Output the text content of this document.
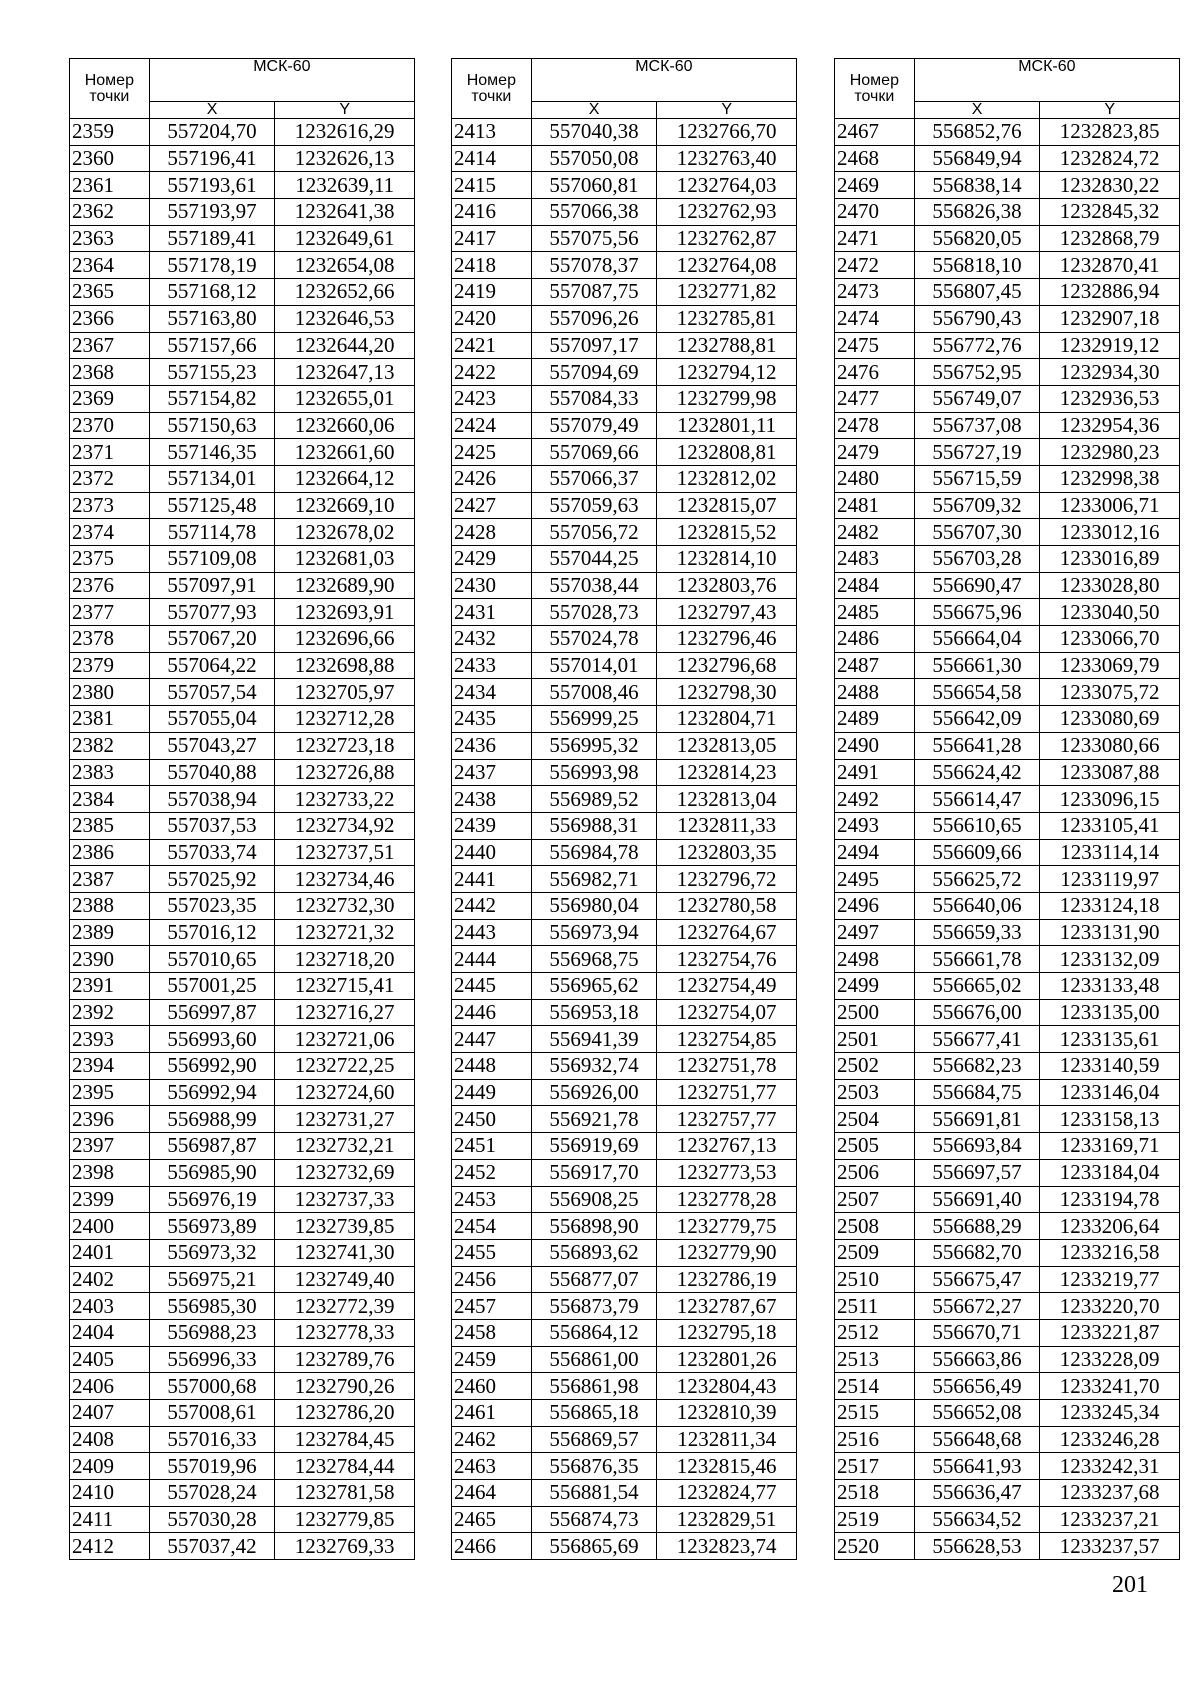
Номер точки	МСК-60	
	X	Y
2359	557204,70	1232616,29
2360	557196,41	1232626,13
2361	557193,61	1232639,11
2362	557193,97	1232641,38
2363	557189,41	1232649,61
2364	557178,19	1232654,08
2365	557168,12	1232652,66
2366	557163,80	1232646,53
2367	557157,66	1232644,20
2368	557155,23	1232647,13
2369	557154,82	1232655,01
2370	557150,63	1232660,06
2371	557146,35	1232661,60
2372	557134,01	1232664,12
2373	557125,48	1232669,10
2374	557114,78	1232678,02
2375	557109,08	1232681,03
2376	557097,91	1232689,90
2377	557077,93	1232693,91
2378	557067,20	1232696,66
2379	557064,22	1232698,88
2380	557057,54	1232705,97
2381	557055,04	1232712,28
2382	557043,27	1232723,18
2383	557040,88	1232726,88
2384	557038,94	1232733,22
2385	557037,53	1232734,92
2386	557033,74	1232737,51
2387	557025,92	1232734,46
2388	557023,35	1232732,30
2389	557016,12	1232721,32
2390	557010,65	1232718,20
2391	557001,25	1232715,41
2392	556997,87	1232716,27
2393	556993,60	1232721,06
2394	556992,90	1232722,25
2395	556992,94	1232724,60
2396	556988,99	1232731,27
2397	556987,87	1232732,21
2398	556985,90	1232732,69
2399	556976,19	1232737,33
2400	556973,89	1232739,85
2401	556973,32	1232741,30
2402	556975,21	1232749,40
2403	556985,30	1232772,39
2404	556988,23	1232778,33
2405	556996,33	1232789,76
2406	557000,68	1232790,26
2407	557008,61	1232786,20
2408	557016,33	1232784,45
2409	557019,96	1232784,44
2410	557028,24	1232781,58
2411	557030,28	1232779,85
2412	557037,42	1232769,33
Номер точки	МСК-60	
	X	Y
2413	557040,38	1232766,70
2414	557050,08	1232763,40
2415	557060,81	1232764,03
2416	557066,38	1232762,93
2417	557075,56	1232762,87
2418	557078,37	1232764,08
2419	557087,75	1232771,82
2420	557096,26	1232785,81
2421	557097,17	1232788,81
2422	557094,69	1232794,12
2423	557084,33	1232799,98
2424	557079,49	1232801,11
2425	557069,66	1232808,81
2426	557066,37	1232812,02
2427	557059,63	1232815,07
2428	557056,72	1232815,52
2429	557044,25	1232814,10
2430	557038,44	1232803,76
2431	557028,73	1232797,43
2432	557024,78	1232796,46
2433	557014,01	1232796,68
2434	557008,46	1232798,30
2435	556999,25	1232804,71
2436	556995,32	1232813,05
2437	556993,98	1232814,23
2438	556989,52	1232813,04
2439	556988,31	1232811,33
2440	556984,78	1232803,35
2441	556982,71	1232796,72
2442	556980,04	1232780,58
2443	556973,94	1232764,67
2444	556968,75	1232754,76
2445	556965,62	1232754,49
2446	556953,18	1232754,07
2447	556941,39	1232754,85
2448	556932,74	1232751,78
2449	556926,00	1232751,77
2450	556921,78	1232757,77
2451	556919,69	1232767,13
2452	556917,70	1232773,53
2453	556908,25	1232778,28
2454	556898,90	1232779,75
2455	556893,62	1232779,90
2456	556877,07	1232786,19
2457	556873,79	1232787,67
2458	556864,12	1232795,18
2459	556861,00	1232801,26
2460	556861,98	1232804,43
2461	556865,18	1232810,39
2462	556869,57	1232811,34
2463	556876,35	1232815,46
2464	556881,54	1232824,77
2465	556874,73	1232829,51
2466	556865,69	1232823,74
Номер точки	МСК-60	
	X	Y
2467	556852,76	1232823,85
2468	556849,94	1232824,72
2469	556838,14	1232830,22
2470	556826,38	1232845,32
2471	556820,05	1232868,79
2472	556818,10	1232870,41
2473	556807,45	1232886,94
2474	556790,43	1232907,18
2475	556772,76	1232919,12
2476	556752,95	1232934,30
2477	556749,07	1232936,53
2478	556737,08	1232954,36
2479	556727,19	1232980,23
2480	556715,59	1232998,38
2481	556709,32	1233006,71
2482	556707,30	1233012,16
2483	556703,28	1233016,89
2484	556690,47	1233028,80
2485	556675,96	1233040,50
2486	556664,04	1233066,70
2487	556661,30	1233069,79
2488	556654,58	1233075,72
2489	556642,09	1233080,69
2490	556641,28	1233080,66
2491	556624,42	1233087,88
2492	556614,47	1233096,15
2493	556610,65	1233105,41
2494	556609,66	1233114,14
2495	556625,72	1233119,97
2496	556640,06	1233124,18
2497	556659,33	1233131,90
2498	556661,78	1233132,09
2499	556665,02	1233133,48
2500	556676,00	1233135,00
2501	556677,41	1233135,61
2502	556682,23	1233140,59
2503	556684,75	1233146,04
2504	556691,81	1233158,13
2505	556693,84	1233169,71
2506	556697,57	1233184,04
2507	556691,40	1233194,78
2508	556688,29	1233206,64
2509	556682,70	1233216,58
2510	556675,47	1233219,77
2511	556672,27	1233220,70
2512	556670,71	1233221,87
2513	556663,86	1233228,09
2514	556656,49	1233241,70
2515	556652,08	1233245,34
2516	556648,68	1233246,28
2517	556641,93	1233242,31
2518	556636,47	1233237,68
2519	556634,52	1233237,21
2520	556628,53	1233237,57
201
